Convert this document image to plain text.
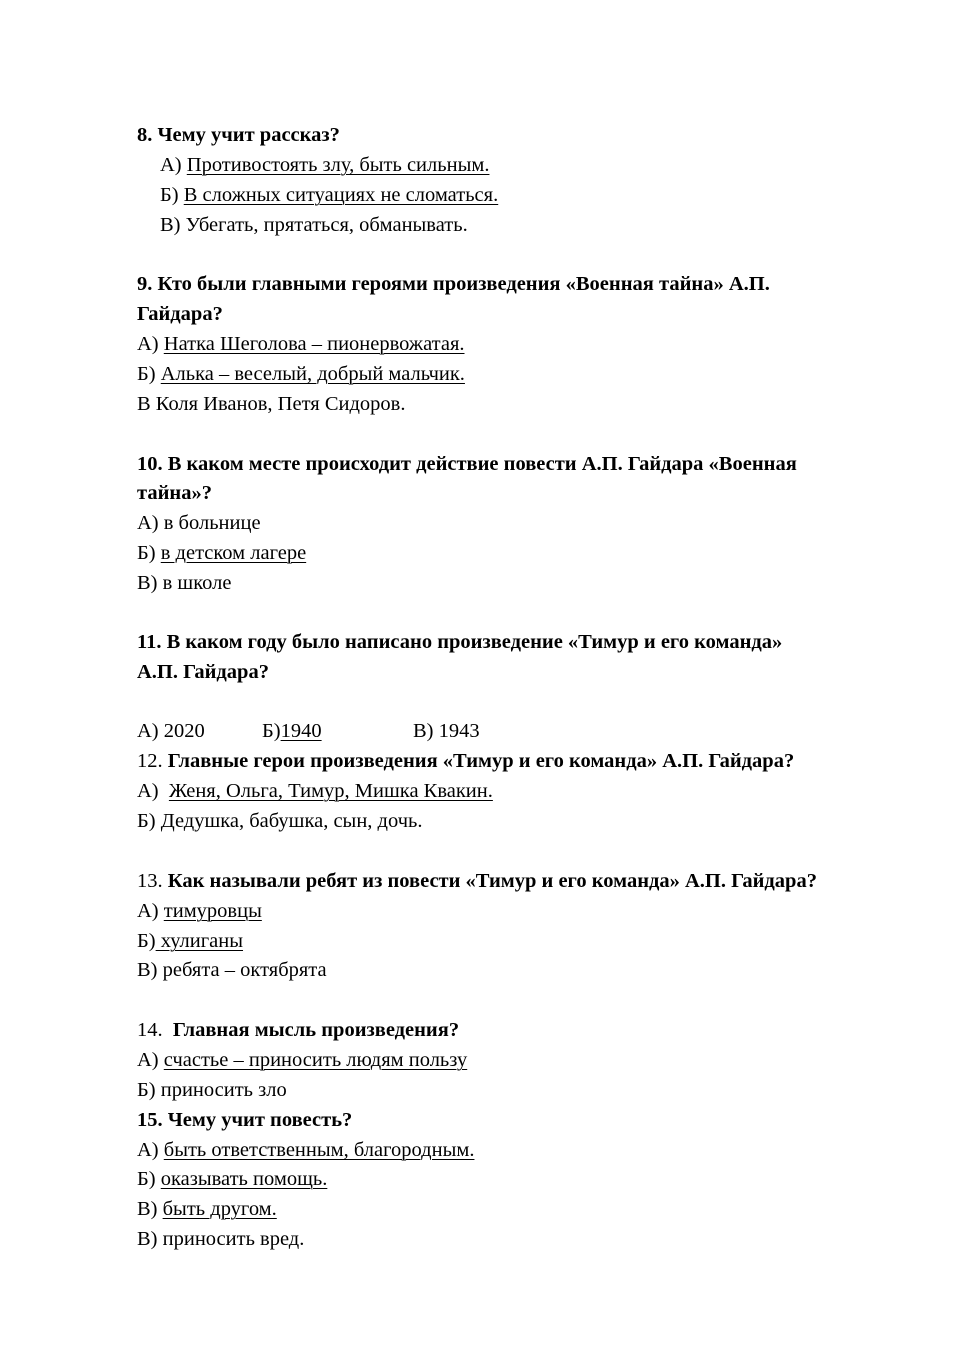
8. Чему учит рассказ?
А) Противостоять злу, быть сильным.
Б) В сложных ситуациях не сломаться.
В) Убегать, прятаться, обманывать.
9. Кто были главными героями произведения «Военная тайна» А.П.
Гайдара?
А) Натка Шеголова – пионервожатая.
Б) Алька – веселый, добрый мальчик.
В Коля Иванов, Петя Сидоров.
10. В каком месте происходит действие повести А.П. Гайдара «Военная
тайна»?
А) в больнице
Б) в детском лагере
В) в школе
11. В каком году было написано произведение «Тимур и его команда»
А.П. Гайдара?
А) 2020	Б)1940	В) 1943
12. Главные герои произведения «Тимур и его команда» А.П. Гайдара?
А)  Женя, Ольга, Тимур, Мишка Квакин.
Б) Дедушка, бабушка, сын, дочь.
13. Как называли ребят из повести «Тимур и его команда» А.П. Гайдара?
А) тимуровцы
Б) хулиганы
В) ребята – октябрята
14.  Главная мысль произведения?
А) счастье – приносить людям пользу
Б) приносить зло
15. Чему учит повесть?
А) быть ответственным, благородным.
Б) оказывать помощь.
В) быть другом.
В) приносить вред.
